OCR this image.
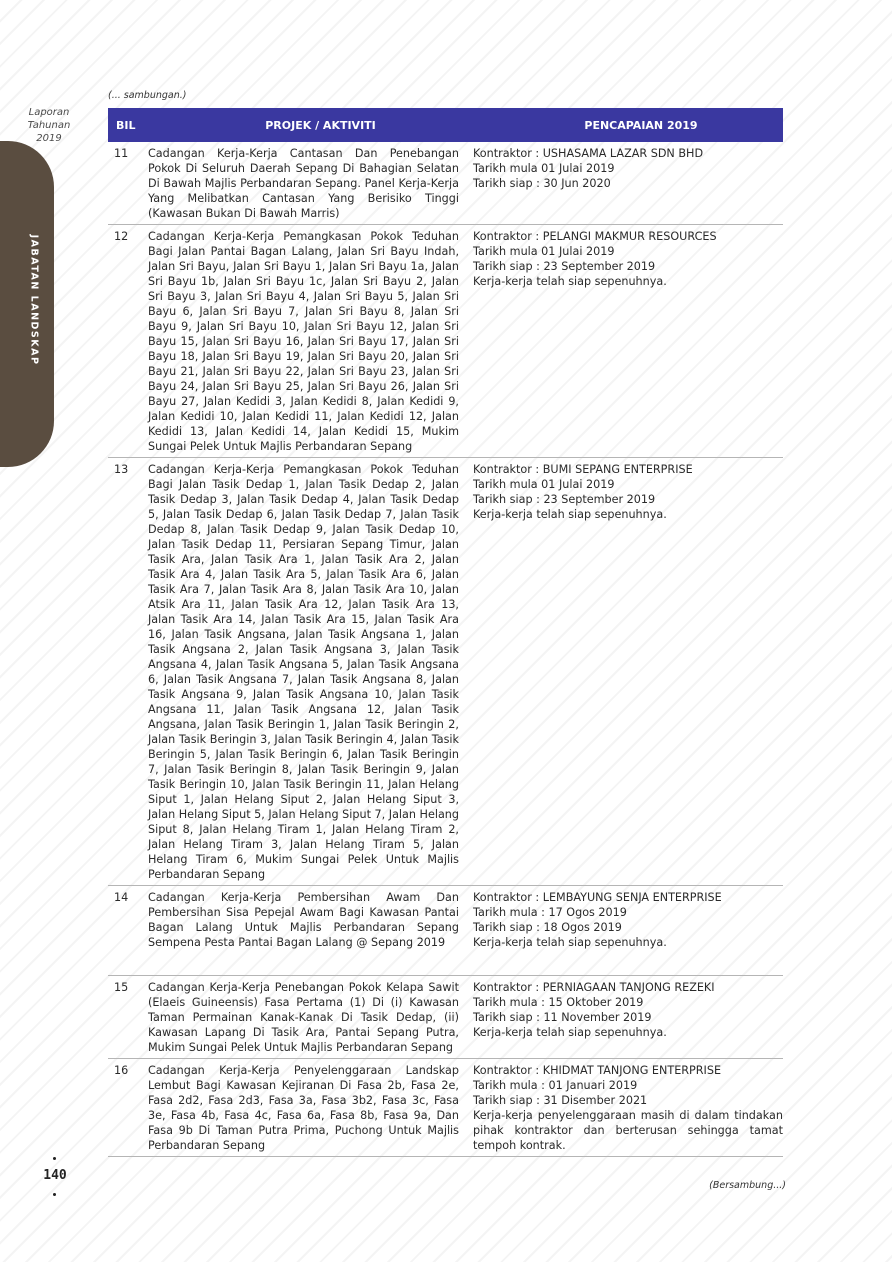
Laporan Tahunan 2019
JABATAN LANDSKAP
(... sambungan.)
BIL	PROJEK / AKTIVITI	PENCAPAIAN 2019
11	Cadangan Kerja-Kerja Cantasan Dan Penebangan Pokok Di Seluruh Daerah Sepang Di Bahagian Selatan Di Bawah Majlis Perbandaran Sepang. Panel Kerja-Kerja Yang Melibatkan Cantasan Yang Berisiko Tinggi (Kawasan Bukan Di Bawah Marris)
Kontraktor : USHASAMA LAZAR SDN BHD
Tarikh mula 01 Julai 2019
Tarikh siap : 30 Jun 2020
12	Cadangan Kerja-Kerja Pemangkasan Pokok Teduhan Bagi Jalan Pantai Bagan Lalang, Jalan Sri Bayu Indah, Jalan Sri Bayu, Jalan Sri Bayu 1, Jalan Sri Bayu 1a, Jalan Sri Bayu 1b, Jalan Sri Bayu 1c, Jalan Sri Bayu 2, Jalan Sri Bayu 3, Jalan Sri Bayu 4, Jalan Sri Bayu 5, Jalan Sri Bayu 6, Jalan Sri Bayu 7, Jalan Sri Bayu 8, Jalan Sri Bayu 9, Jalan Sri Bayu 10, Jalan Sri Bayu 12, Jalan Sri Bayu 15, Jalan Sri Bayu 16, Jalan Sri Bayu 17, Jalan Sri Bayu 18, Jalan Sri Bayu 19, Jalan Sri Bayu 20, Jalan Sri Bayu 21, Jalan Sri Bayu 22, Jalan Sri Bayu 23, Jalan Sri Bayu 24, Jalan Sri Bayu 25, Jalan Sri Bayu 26, Jalan Sri Bayu 27, Jalan Kedidi 3, Jalan Kedidi 8, Jalan Kedidi 9, Jalan Kedidi 10, Jalan Kedidi 11, Jalan Kedidi 12, Jalan Kedidi 13, Jalan Kedidi 14, Jalan Kedidi 15, Mukim Sungai Pelek Untuk Majlis Perbandaran Sepang
Kontraktor : PELANGI MAKMUR RESOURCES
Tarikh mula 01 Julai 2019
Tarikh siap : 23 September 2019
Kerja-kerja telah siap sepenuhnya.
13	Cadangan Kerja-Kerja Pemangkasan Pokok Teduhan Bagi Jalan Tasik Dedap 1, Jalan Tasik Dedap 2, Jalan Tasik Dedap 3, Jalan Tasik Dedap 4, Jalan Tasik Dedap 5, Jalan Tasik Dedap 6, Jalan Tasik Dedap 7, Jalan Tasik Dedap 8, Jalan Tasik Dedap 9, Jalan Tasik Dedap 10, Jalan Tasik Dedap 11, Persiaran Sepang Timur, Jalan Tasik Ara, Jalan Tasik Ara 1, Jalan Tasik Ara 2, Jalan Tasik Ara 4, Jalan Tasik Ara 5, Jalan Tasik Ara 6, Jalan Tasik Ara 7, Jalan Tasik Ara 8, Jalan Tasik Ara 10, Jalan Atsik Ara 11, Jalan Tasik Ara 12, Jalan Tasik Ara 13, Jalan Tasik Ara 14, Jalan Tasik Ara 15, Jalan Tasik Ara 16, Jalan Tasik Angsana, Jalan Tasik Angsana 1, Jalan Tasik Angsana 2, Jalan Tasik Angsana 3, Jalan Tasik Angsana 4, Jalan Tasik Angsana 5, Jalan Tasik Angsana 6, Jalan Tasik Angsana 7, Jalan Tasik Angsana 8, Jalan Tasik Angsana 9, Jalan Tasik Angsana 10, Jalan Tasik Angsana 11, Jalan Tasik Angsana 12, Jalan Tasik Angsana, Jalan Tasik Beringin 1, Jalan Tasik Beringin 2, Jalan Tasik Beringin 3, Jalan Tasik Beringin 4, Jalan Tasik Beringin 5, Jalan Tasik Beringin 6, Jalan Tasik Beringin 7, Jalan Tasik Beringin 8, Jalan Tasik Beringin 9, Jalan Tasik Beringin 10, Jalan Tasik Beringin 11, Jalan Helang Siput 1, Jalan Helang Siput 2, Jalan Helang Siput 3, Jalan Helang Siput 5, Jalan Helang Siput 7, Jalan Helang Siput 8, Jalan Helang Tiram 1, Jalan Helang Tiram 2, Jalan Helang Tiram 3, Jalan Helang Tiram 5, Jalan Helang Tiram 6, Mukim Sungai Pelek Untuk Majlis Perbandaran Sepang
Kontraktor : BUMI SEPANG ENTERPRISE
Tarikh mula 01 Julai 2019
Tarikh siap : 23 September 2019
Kerja-kerja telah siap sepenuhnya.
14	Cadangan Kerja-Kerja Pembersihan Awam Dan Pembersihan Sisa Pepejal Awam Bagi Kawasan Pantai Bagan Lalang Untuk Majlis Perbandaran Sepang Sempena Pesta Pantai Bagan Lalang @ Sepang 2019
Kontraktor : LEMBAYUNG SENJA ENTERPRISE
Tarikh mula : 17 Ogos 2019
Tarikh siap : 18 Ogos 2019
Kerja-kerja telah siap sepenuhnya.
15	Cadangan Kerja-Kerja Penebangan Pokok Kelapa Sawit (Elaeis Guineensis) Fasa Pertama (1) Di (i) Kawasan Taman Permainan Kanak-Kanak Di Tasik Dedap, (ii) Kawasan Lapang Di Tasik Ara, Pantai Sepang Putra, Mukim Sungai Pelek Untuk Majlis Perbandaran Sepang
Kontraktor : PERNIAGAAN TANJONG REZEKI
Tarikh mula : 15 Oktober 2019
Tarikh siap : 11 November 2019
Kerja-kerja telah siap sepenuhnya.
16	Cadangan Kerja-Kerja Penyelenggaraan Landskap Lembut Bagi Kawasan Kejiranan Di Fasa 2b, Fasa 2e, Fasa 2d2, Fasa 2d3, Fasa 3a, Fasa 3b2, Fasa 3c, Fasa 3e, Fasa 4b, Fasa 4c, Fasa 6a, Fasa 8b, Fasa 9a, Dan Fasa 9b Di Taman Putra Prima, Puchong Untuk Majlis Perbandaran Sepang
Kontraktor : KHIDMAT TANJONG ENTERPRISE
Tarikh mula : 01 Januari 2019
Tarikh siap : 31 Disember 2021
Kerja-kerja penyelenggaraan masih di dalam tindakan pihak kontraktor dan berterusan sehingga tamat tempoh kontrak.
140
(Bersambung...)
